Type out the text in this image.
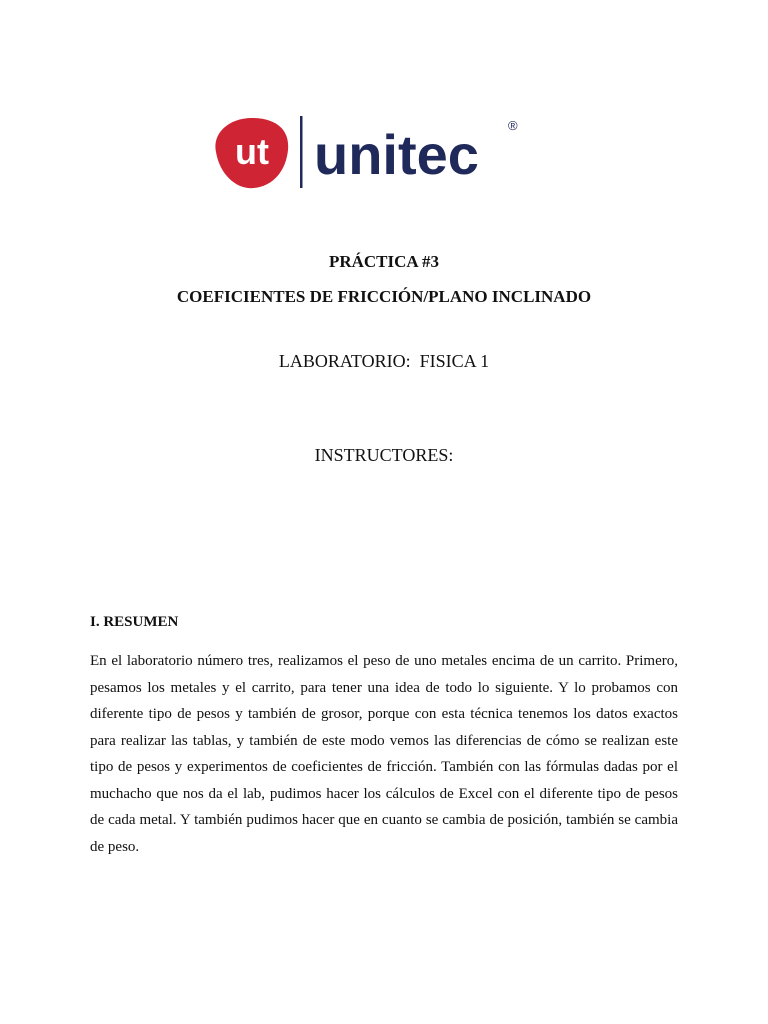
ut unitec ®
PRÁCTICA #3
COEFICIENTES DE FRICCIÓN/PLANO INCLINADO
LABORATORIO:  FISICA 1
INSTRUCTORES:
I. RESUMEN

En el laboratorio número tres, realizamos el peso de uno metales encima de un carrito. Primero, pesamos los metales y el carrito, para tener una idea de todo lo siguiente. Y lo probamos con diferente tipo de pesos y también de grosor, porque con esta técnica tenemos los datos exactos para realizar las tablas, y también de este modo vemos las diferencias de cómo se realizan este tipo de pesos y experimentos de coeficientes de fricción. También con las fórmulas dadas por el muchacho que nos da el lab, pudimos hacer los cálculos de Excel con el diferente tipo de pesos de cada metal. Y también pudimos hacer que en cuanto se cambia de posición, también se cambia de peso.
